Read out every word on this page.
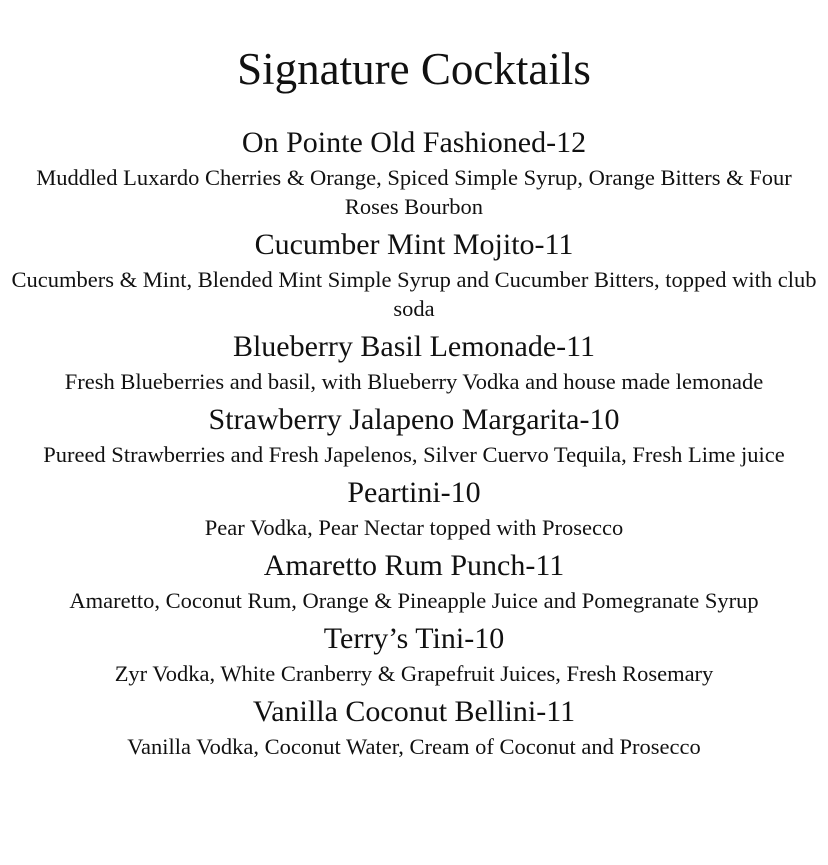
Signature Cocktails
On Pointe Old Fashioned-12
Muddled Luxardo Cherries & Orange, Spiced Simple Syrup, Orange Bitters & Four Roses Bourbon
Cucumber Mint Mojito-11
Cucumbers & Mint, Blended Mint Simple Syrup and Cucumber Bitters, topped with club soda
Blueberry Basil Lemonade-11
Fresh Blueberries and basil, with Blueberry Vodka and house made lemonade
Strawberry Jalapeno Margarita-10
Pureed Strawberries and Fresh Japelenos, Silver Cuervo Tequila, Fresh Lime juice
Peartini-10
Pear Vodka, Pear Nectar topped with Prosecco
Amaretto Rum Punch-11
Amaretto, Coconut Rum, Orange & Pineapple Juice and Pomegranate Syrup
Terry’s Tini-10
Zyr Vodka, White Cranberry & Grapefruit Juices, Fresh Rosemary
Vanilla Coconut Bellini-11
Vanilla Vodka, Coconut Water, Cream of Coconut and Prosecco
